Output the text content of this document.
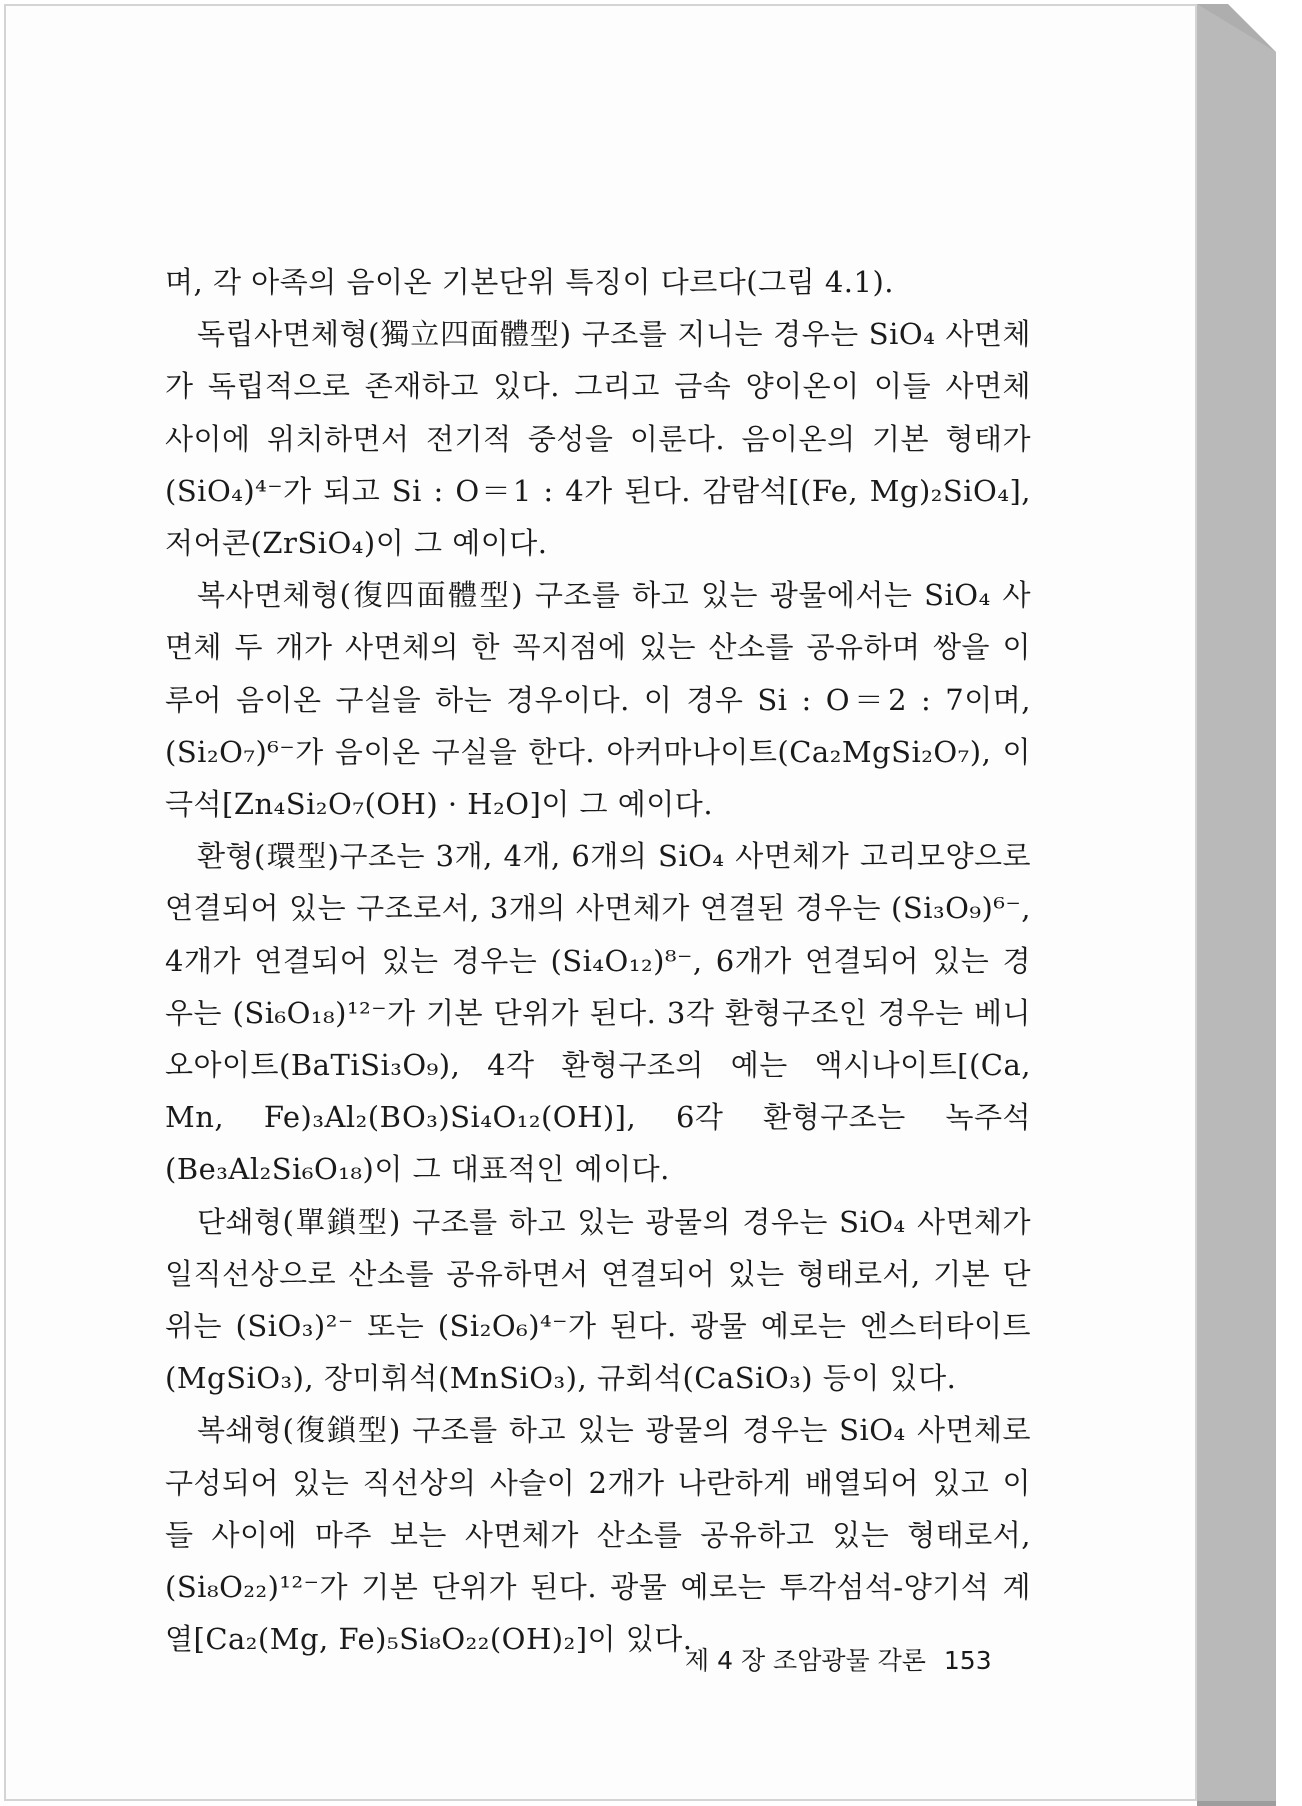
며, 각 아족의 음이온 기본단위 특징이 다르다(그림 4.1).

독립사면체형(獨立四面體型) 구조를 지니는 경우는 SiO₄ 사면체가 독립적으로 존재하고 있다. 그리고 금속 양이온이 이들 사면체 사이에 위치하면서 전기적 중성을 이룬다. 음이온의 기본 형태가 (SiO₄)⁴⁻가 되고 Si : O＝1 : 4가 된다. 감람석[(Fe, Mg)₂SiO₄], 저어콘(ZrSiO₄)이 그 예이다.

복사면체형(復四面體型) 구조를 하고 있는 광물에서는 SiO₄ 사면체 두 개가 사면체의 한 꼭지점에 있는 산소를 공유하며 쌍을 이루어 음이온 구실을 하는 경우이다. 이 경우 Si : O＝2 : 7이며, (Si₂O₇)⁶⁻가 음이온 구실을 한다. 아커마나이트(Ca₂MgSi₂O₇), 이극석[Zn₄Si₂O₇(OH) · H₂O]이 그 예이다.

환형(環型)구조는 3개, 4개, 6개의 SiO₄ 사면체가 고리모양으로 연결되어 있는 구조로서, 3개의 사면체가 연결된 경우는 (Si₃O₉)⁶⁻, 4개가 연결되어 있는 경우는 (Si₄O₁₂)⁸⁻, 6개가 연결되어 있는 경우는 (Si₆O₁₈)¹²⁻가 기본 단위가 된다. 3각 환형구조인 경우는 베니오아이트(BaTiSi₃O₉), 4각 환형구조의 예는 액시나이트[(Ca, Mn, Fe)₃Al₂(BO₃)Si₄O₁₂(OH)], 6각 환형구조는 녹주석(Be₃Al₂Si₆O₁₈)이 그 대표적인 예이다.

단쇄형(單鎖型) 구조를 하고 있는 광물의 경우는 SiO₄ 사면체가 일직선상으로 산소를 공유하면서 연결되어 있는 형태로서, 기본 단위는 (SiO₃)²⁻ 또는 (Si₂O₆)⁴⁻가 된다. 광물 예로는 엔스터타이트(MgSiO₃), 장미휘석(MnSiO₃), 규회석(CaSiO₃) 등이 있다.

복쇄형(復鎖型) 구조를 하고 있는 광물의 경우는 SiO₄ 사면체로 구성되어 있는 직선상의 사슬이 2개가 나란하게 배열되어 있고 이들 사이에 마주 보는 사면체가 산소를 공유하고 있는 형태로서, (Si₈O₂₂)¹²⁻가 기본 단위가 된다. 광물 예로는 투각섬석-양기석 계열[Ca₂(Mg, Fe)₅Si₈O₂₂(OH)₂]이 있다.

제 4 장 조암광물 각론 153
